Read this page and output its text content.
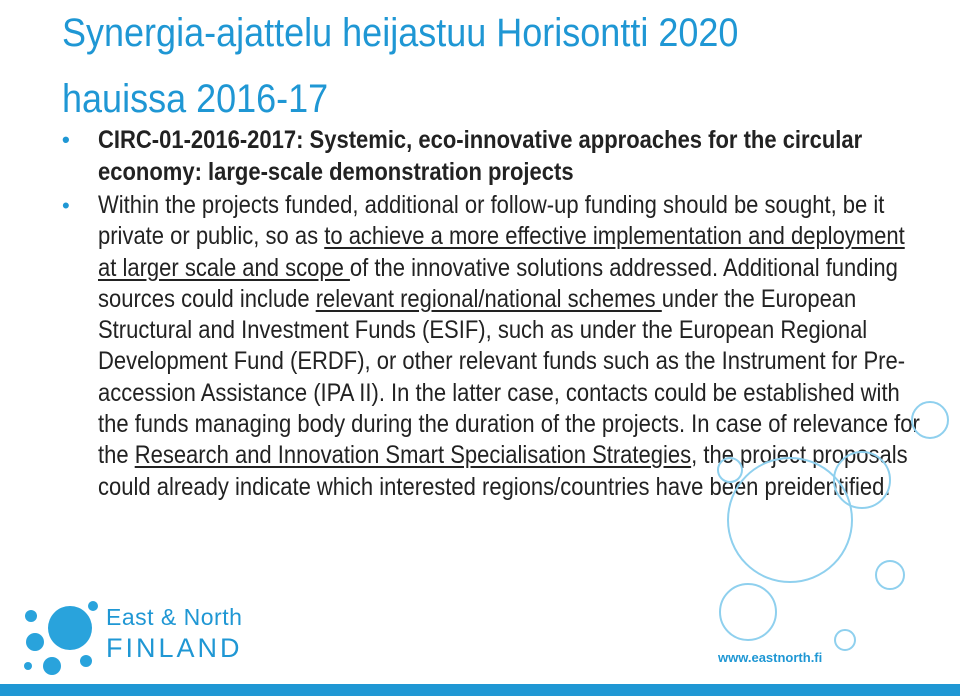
Synergia-ajattelu heijastuu Horisontti 2020
hauissa 2016-17
• CIRC-01-2016-2017: Systemic, eco-innovative approaches for the circular economy: large-scale demonstration projects
• Within the projects funded, additional or follow-up funding should be sought, be it private or public, so as to achieve a more effective implementation and deployment at larger scale and scope of the innovative solutions addressed. Additional funding sources could include relevant regional/national schemes under the European Structural and Investment Funds (ESIF), such as under the European Regional Development Fund (ERDF), or other relevant funds such as the Instrument for Pre-accession Assistance (IPA II). In the latter case, contacts could be established with the funds managing body during the duration of the projects. In case of relevance for the Research and Innovation Smart Specialisation Strategies, the project proposals could already indicate which interested regions/countries have been preidentified.
East & North
FINLAND	www.eastnorth.fi
